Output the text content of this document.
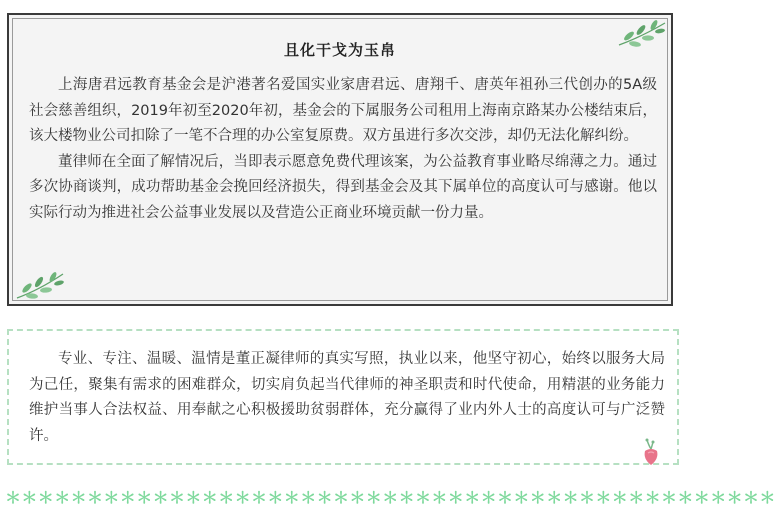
且化干戈为玉帛

上海唐君远教育基金会是沪港著名爱国实业家唐君远、唐翔千、唐英年祖孙三代创办的5A级社会慈善组织，2019年初至2020年初，基金会的下属服务公司租用上海南京路某办公楼结束后，该大楼物业公司扣除了一笔不合理的办公室复原费。双方虽进行多次交涉，却仍无法化解纠纷。

董律师在全面了解情况后，当即表示愿意免费代理该案，为公益教育事业略尽绵薄之力。通过多次协商谈判，成功帮助基金会挽回经济损失，得到基金会及其下属单位的高度认可与感谢。他以实际行动为推进社会公益事业发展以及营造公正商业环境贡献一份力量。

专业、专注、温暖、温情是董正凝律师的真实写照，执业以来，他坚守初心，始终以服务大局为己任，聚集有需求的困难群众，切实肩负起当代律师的神圣职责和时代使命，用精湛的业务能力维护当事人合法权益、用奉献之心积极援助贫弱群体，充分赢得了业内外人士的高度认可与广泛赞许。
＊＊＊＊＊＊＊＊＊＊＊＊＊＊＊＊＊＊＊＊＊＊＊＊＊＊＊＊＊＊＊＊＊＊＊＊＊＊＊＊＊＊＊＊＊＊＊
